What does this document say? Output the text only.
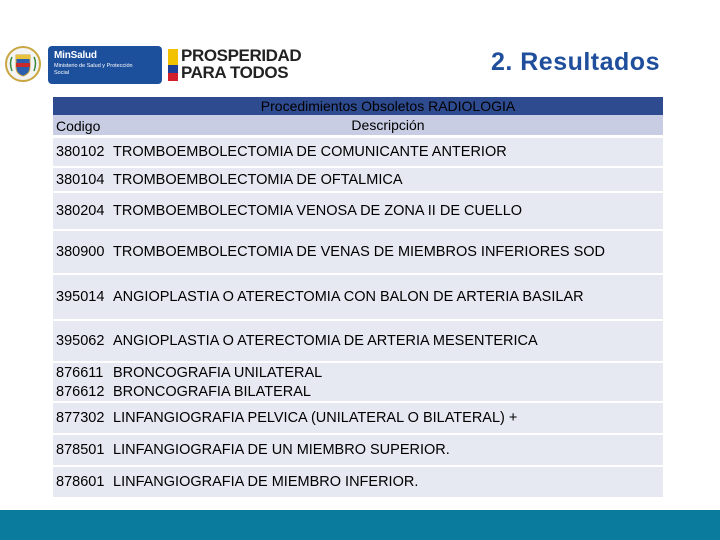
MinSalud
Ministerio de Salud y Protección Social
PROSPERIDAD
PARA TODOS	2. Resultados
Procedimientos Obsoletos RADIOLOGIA
Codigo	Descripción
380102 TROMBOEMBOLECTOMIA DE COMUNICANTE ANTERIOR
380104 TROMBOEMBOLECTOMIA DE OFTALMICA
380204 TROMBOEMBOLECTOMIA VENOSA DE ZONA II DE CUELLO
380900 TROMBOEMBOLECTOMIA DE VENAS DE MIEMBROS INFERIORES SOD
395014 ANGIOPLASTIA O ATERECTOMIA CON BALON DE ARTERIA BASILAR
395062 ANGIOPLASTIA O ATERECTOMIA DE ARTERIA MESENTERICA
876611 BRONCOGRAFIA UNILATERAL
876612 BRONCOGRAFIA BILATERAL
877302 LINFANGIOGRAFIA PELVICA (UNILATERAL O BILATERAL) +
878501 LINFANGIOGRAFIA DE UN MIEMBRO SUPERIOR.
878601 LINFANGIOGRAFIA DE MIEMBRO INFERIOR.
